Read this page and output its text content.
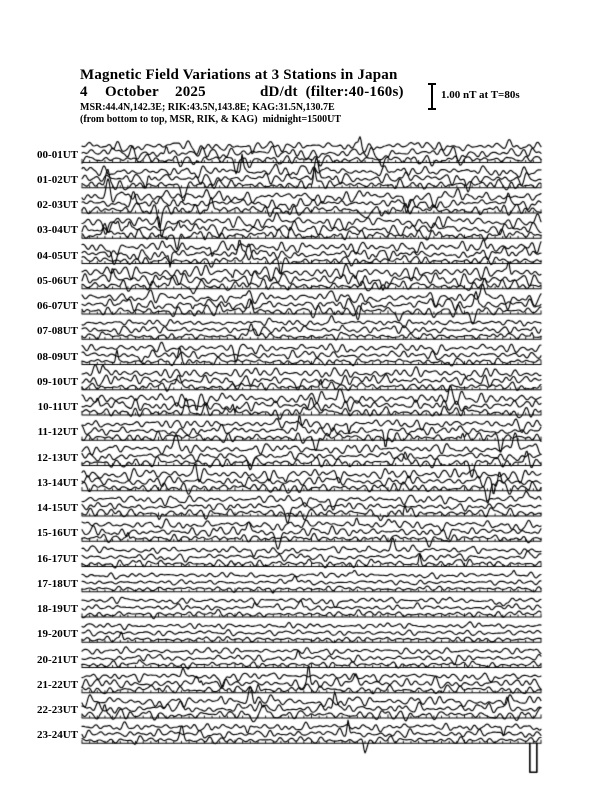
Magnetic Field Variations at 3 Stations in Japan
4 October 2025	dD/dt  (filter:40-160s)
MSR:44.4N,142.3E; RIK:43.5N,143.8E; KAG:31.5N,130.7E
(from bottom to top, MSR, RIK, & KAG)  midnight=1500UT
1.00 nT at T=80s
00-01UT
01-02UT
02-03UT
03-04UT
04-05UT
05-06UT
06-07UT
07-08UT
08-09UT
09-10UT
10-11UT
11-12UT
12-13UT
13-14UT
14-15UT
15-16UT
16-17UT
17-18UT
18-19UT
19-20UT
20-21UT
21-22UT
22-23UT
23-24UT
